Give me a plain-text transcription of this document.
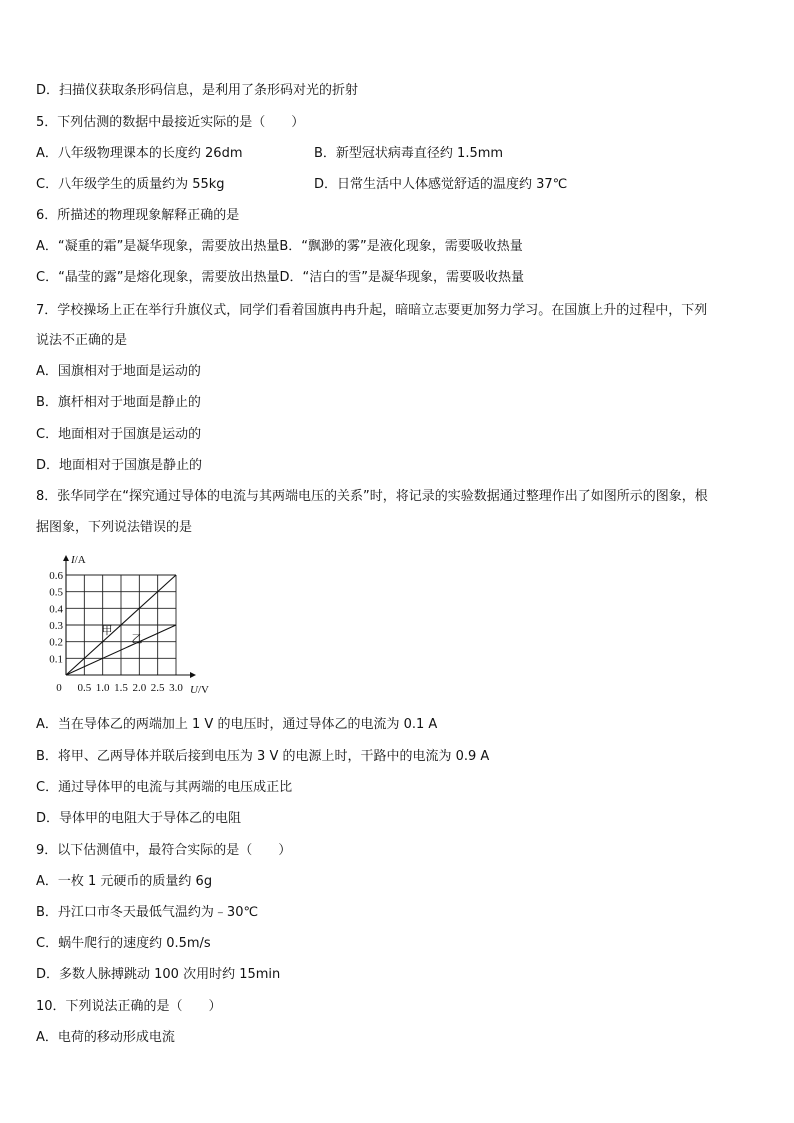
D．扫描仪获取条形码信息，是利用了条形码对光的折射
5．下列估测的数据中最接近实际的是（　　）
A．八年级物理课本的长度约 26dm	B．新型冠状病毒直径约 1.5mm
C．八年级学生的质量约为 55kg	D．日常生活中人体感觉舒适的温度约 37℃
6．所描述的物理现象解释正确的是
A．“凝重的霜”是凝华现象，需要放出热量B．“飘渺的雾”是液化现象，需要吸收热量
C．“晶莹的露”是熔化现象，需要放出热量D．“洁白的雪”是凝华现象，需要吸收热量
7．学校操场上正在举行升旗仪式，同学们看着国旗冉冉升起，暗暗立志要更加努力学习。在国旗上升的过程中，下列
说法不正确的是
A．国旗相对于地面是运动的
B．旗杆相对于地面是静止的
C．地面相对于国旗是运动的
D．地面相对于国旗是静止的
8．张华同学在“探究通过导体的电流与其两端电压的关系”时，将记录的实验数据通过整理作出了如图所示的图象，根
据图象，下列说法错误的是
甲
乙
0.1
0.2
0.3
0.4
0.5
0.6
0.5 1.0 1.5 2.0 2.5 3.0
0	U/V
I/A
A．当在导体乙的两端加上 1 V 的电压时，通过导体乙的电流为 0.1 A
B．将甲、乙两导体并联后接到电压为 3 V 的电源上时，干路中的电流为 0.9 A
C．通过导体甲的电流与其两端的电压成正比
D．导体甲的电阻大于导体乙的电阻
9．以下估测值中，最符合实际的是（　　）
A．一枚 1 元硬币的质量约 6g
B．丹江口市冬天最低气温约为﹣30℃
C．蜗牛爬行的速度约 0.5m/s
D．多数人脉搏跳动 100 次用时约 15min
10．下列说法正确的是（　　）
A．电荷的移动形成电流
